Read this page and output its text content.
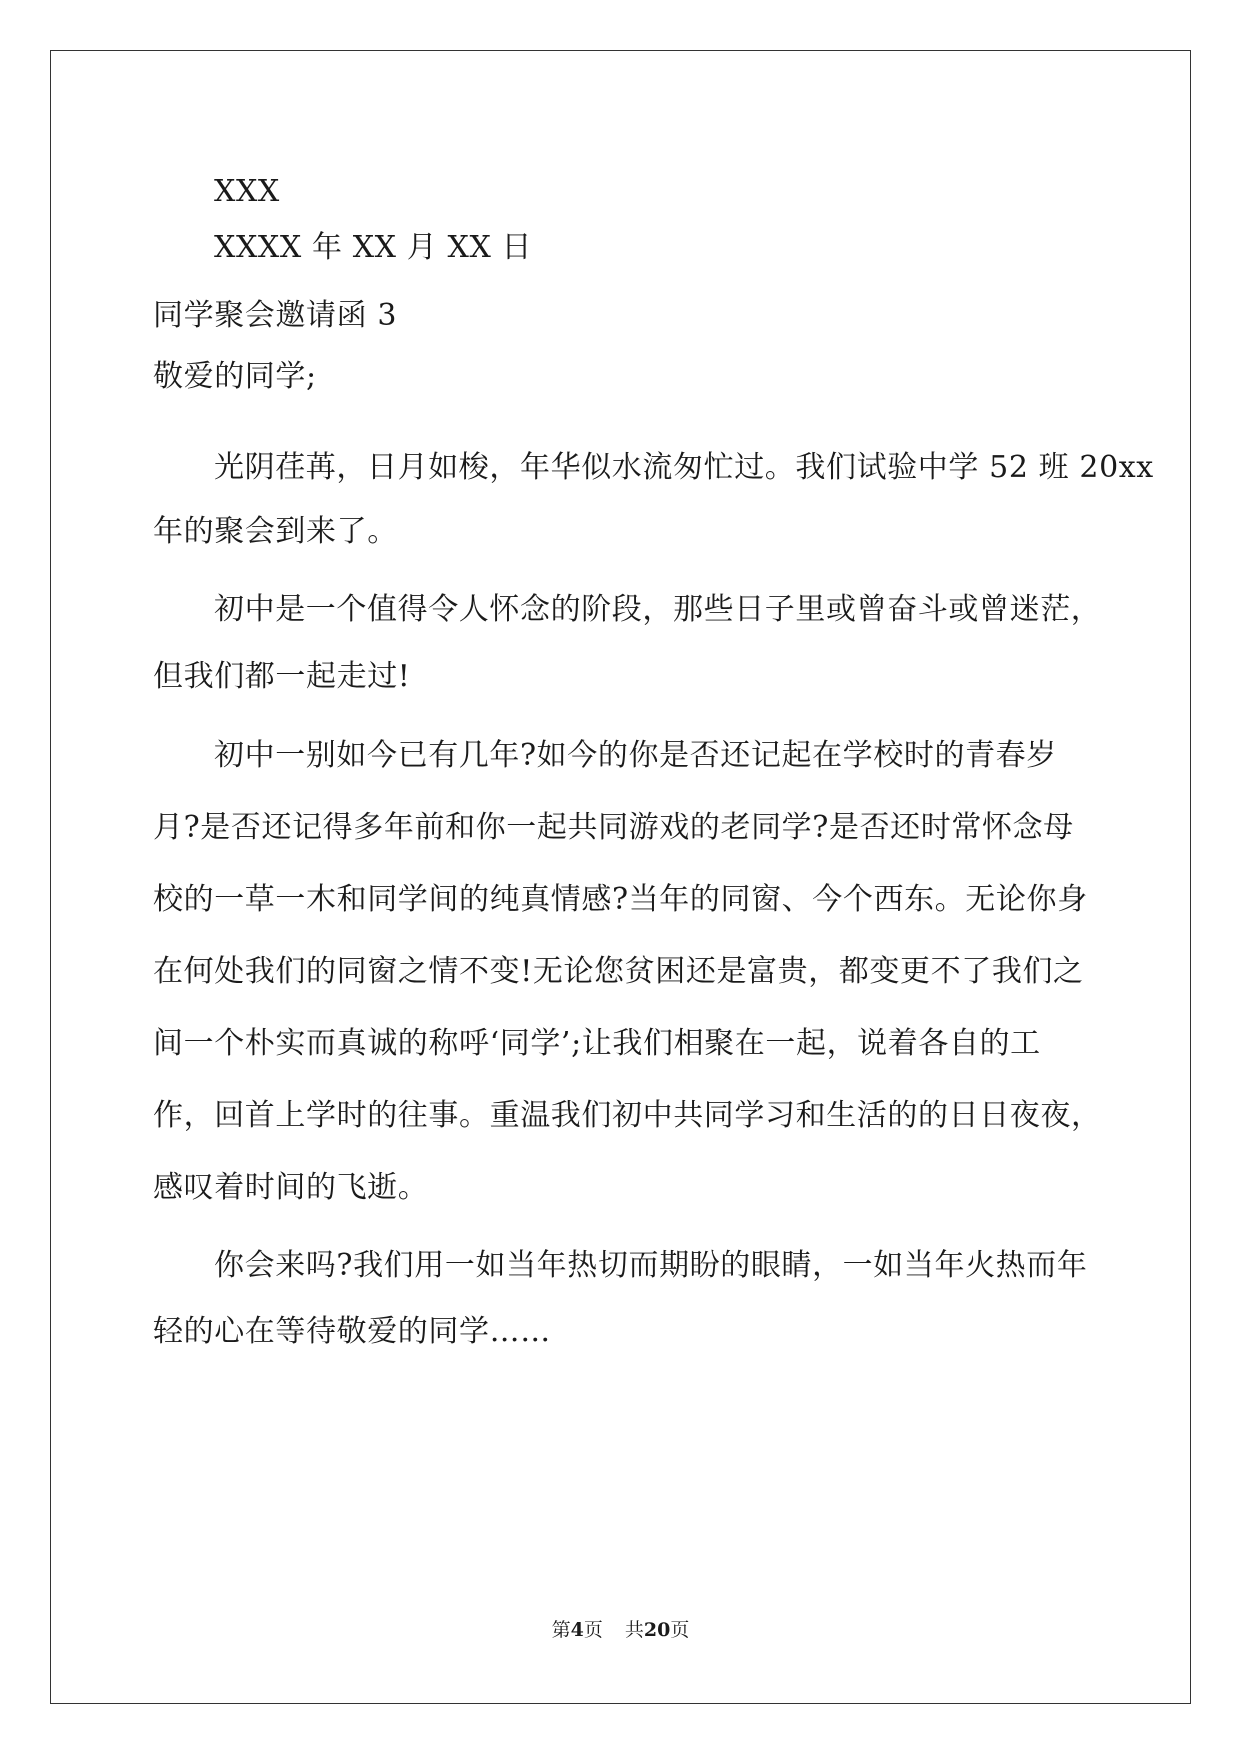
XXX

XXXX 年 XX 月 XX 日

同学聚会邀请函 3

敬爱的同学;

光阴荏苒，日月如梭，年华似水流匆忙过。我们试验中学 52 班 20xx

年的聚会到来了。

初中是一个值得令人怀念的阶段，那些日子里或曾奋斗或曾迷茫，

但我们都一起走过!

初中一别如今已有几年?如今的你是否还记起在学校时的青春岁

月?是否还记得多年前和你一起共同游戏的老同学?是否还时常怀念母

校的一草一木和同学间的纯真情感?当年的同窗、今个西东。无论你身

在何处我们的同窗之情不变!无论您贫困还是富贵，都变更不了我们之

间一个朴实而真诚的称呼‘同学’;让我们相聚在一起，说着各自的工

作，回首上学时的往事。重温我们初中共同学习和生活的的日日夜夜，

感叹着时间的飞逝。

你会来吗?我们用一如当年热切而期盼的眼睛，一如当年火热而年

轻的心在等待敬爱的同学……

第4页 共20页
